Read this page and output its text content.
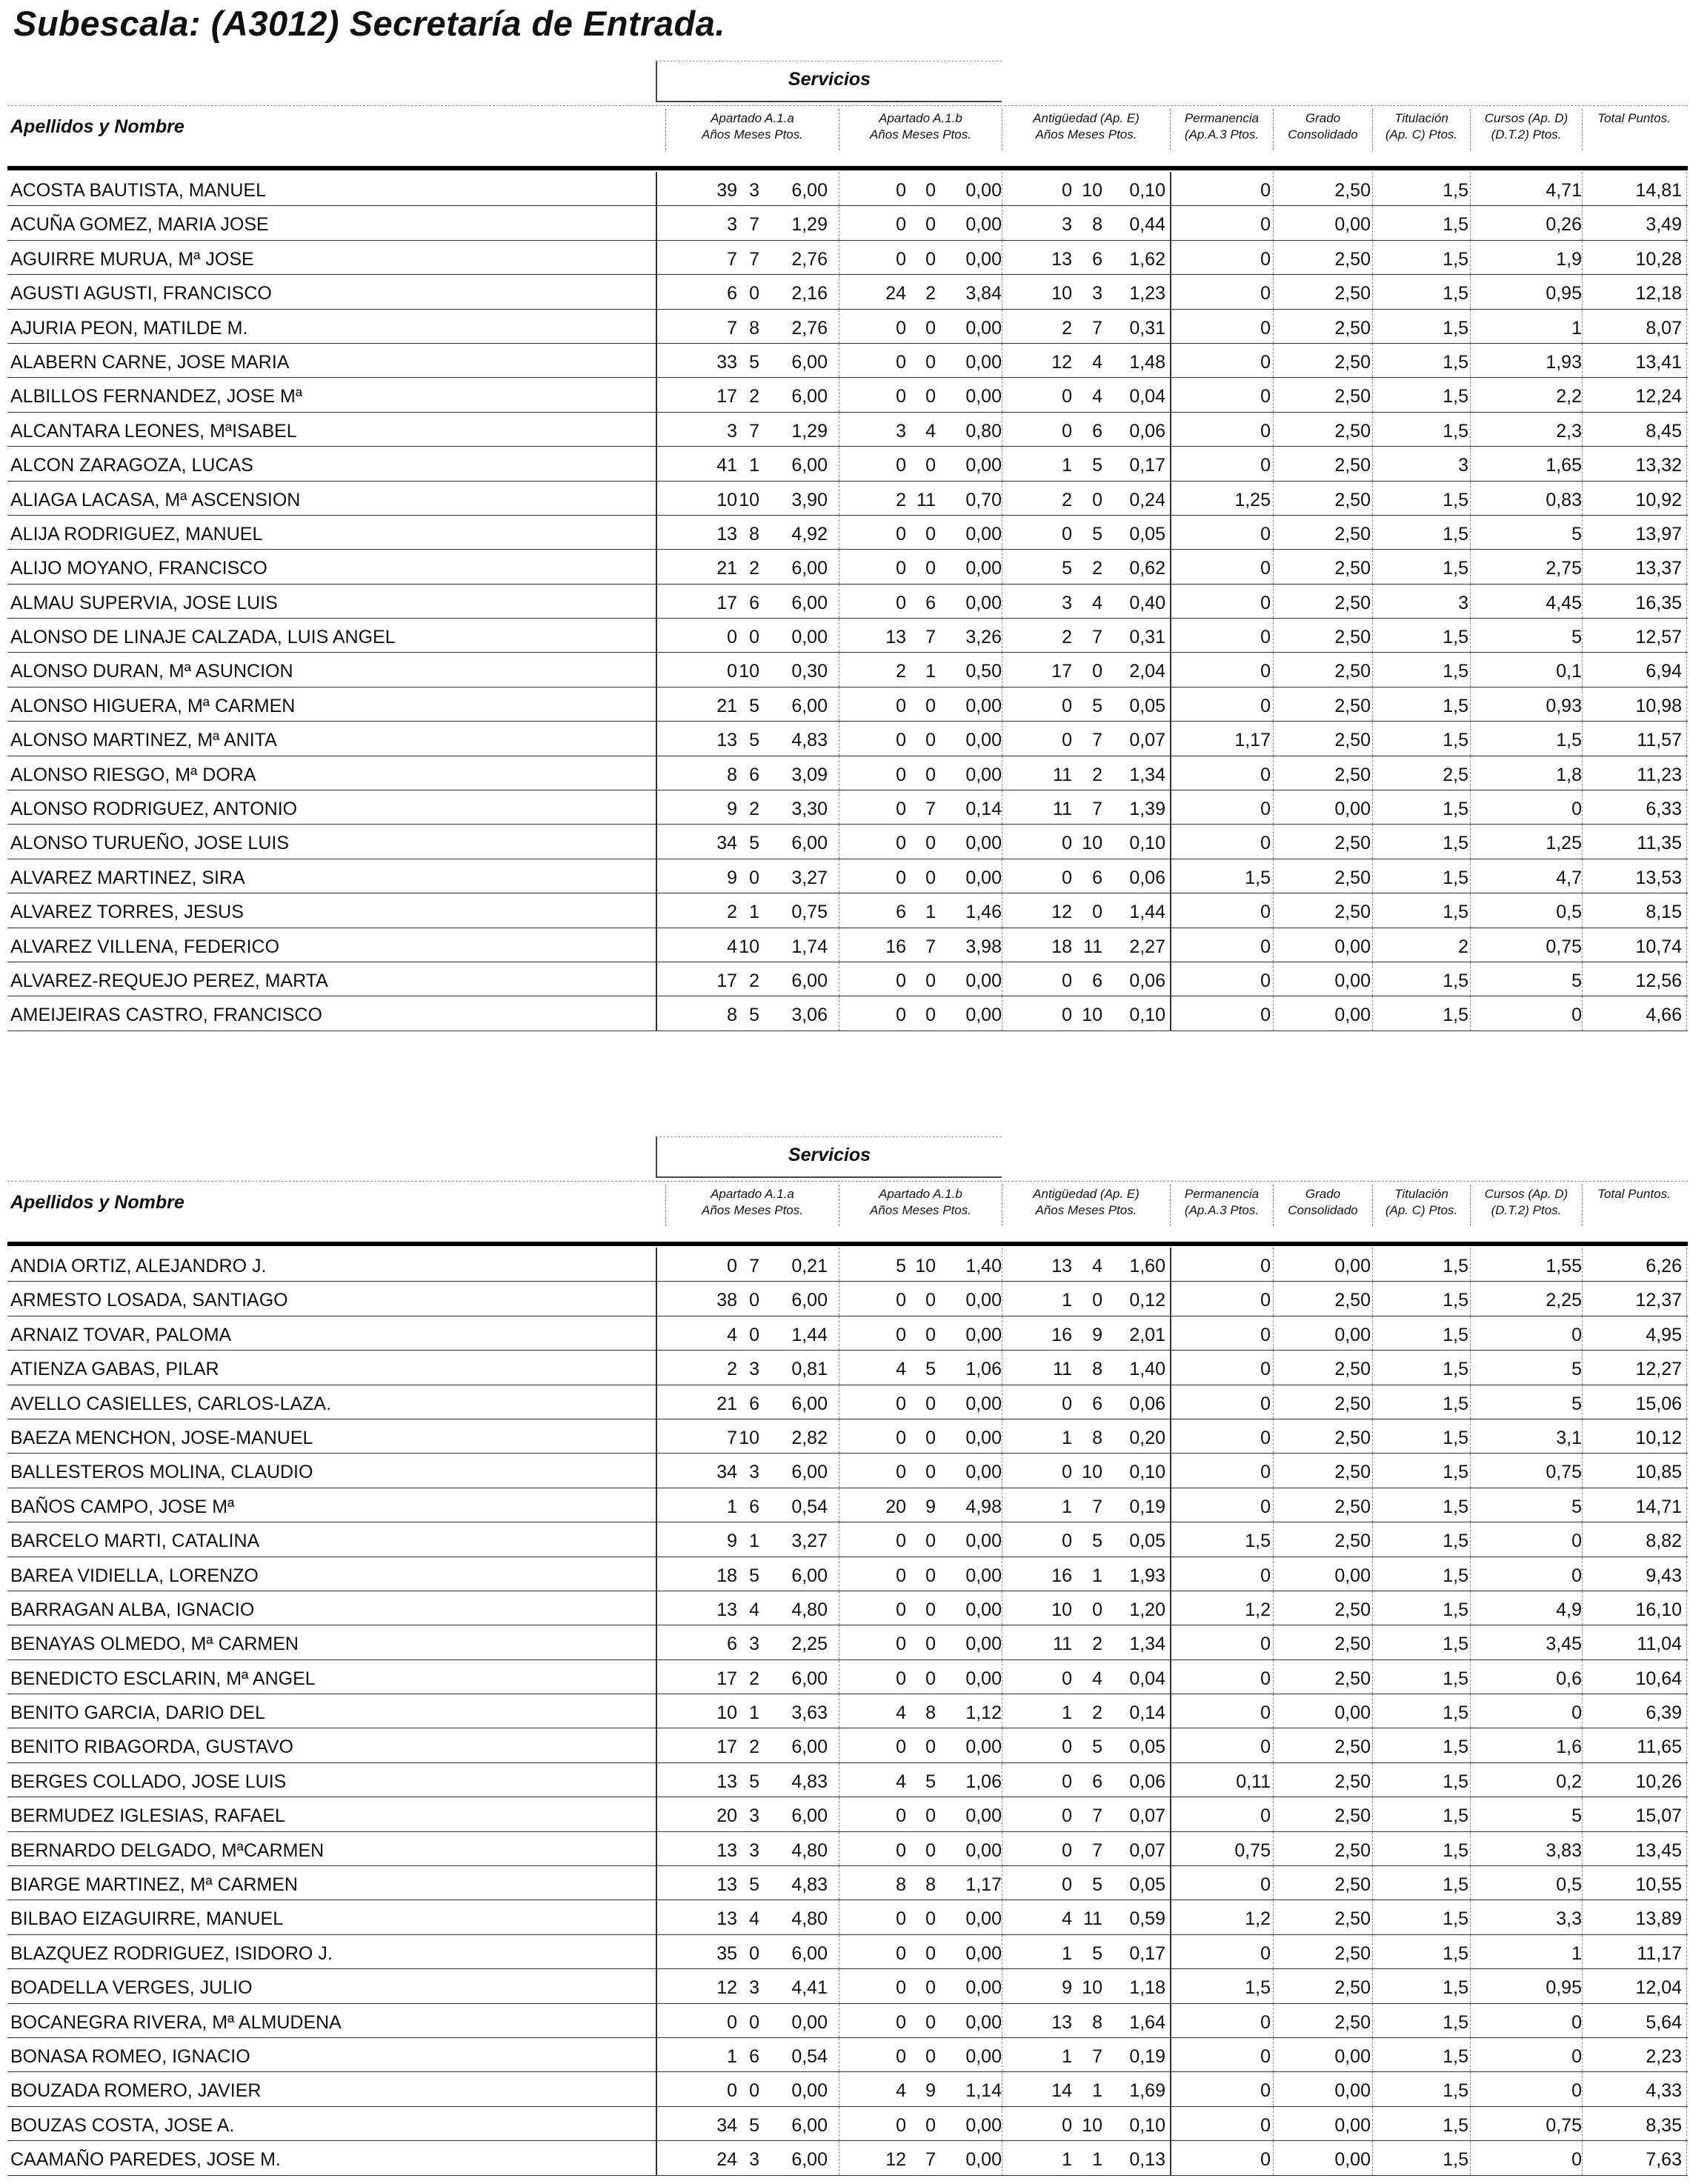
Subescala: (A3012) Secretaría de Entrada.
Servicios
Apellidos y Nombre	Apartado A.1.a
Años Meses Ptos.
Apartado A.1.b
Años Meses Ptos.
Antigüedad (Ap. E)
Años Meses Ptos.
Permanencia
(Ap.A.3 Ptos.
Grado
Consolidado
Titulación
(Ap. C) Ptos.
Cursos (Ap. D)
(D.T.2) Ptos.
Total Puntos.
ACOSTA BAUTISTA, MANUEL	39 3 6,00	0 0 0,00	0 10 0,10	0	2,50	1,5	4,71	14,81
ACUÑA GOMEZ, MARIA JOSE	3 7 1,29	0 0 0,00	3 8 0,44	0	0,00	1,5	0,26	3,49
AGUIRRE MURUA, Mª JOSE	7 7 2,76	0 0 0,00	13 6 1,62	0	2,50	1,5	1,9	10,28
AGUSTI AGUSTI, FRANCISCO	6 0 2,16	24 2 3,84	10 3 1,23	0	2,50	1,5	0,95	12,18
AJURIA PEON, MATILDE M.	7 8 2,76	0 0 0,00	2 7 0,31	0	2,50	1,5	1	8,07
ALABERN CARNE, JOSE MARIA	33 5 6,00	0 0 0,00	12 4 1,48	0	2,50	1,5	1,93	13,41
ALBILLOS FERNANDEZ, JOSE Mª	17 2 6,00	0 0 0,00	0 4 0,04	0	2,50	1,5	2,2	12,24
ALCANTARA LEONES, MªISABEL	3 7 1,29	3 4 0,80	0 6 0,06	0	2,50	1,5	2,3	8,45
ALCON ZARAGOZA, LUCAS	41 1 6,00	0 0 0,00	1 5 0,17	0	2,50	3	1,65	13,32
ALIAGA LACASA, Mª ASCENSION	10 10 3,90	2 11 0,70	2 0 0,24	1,25	2,50	1,5	0,83	10,92
ALIJA RODRIGUEZ, MANUEL	13 8 4,92	0 0 0,00	0 5 0,05	0	2,50	1,5	5	13,97
ALIJO MOYANO, FRANCISCO	21 2 6,00	0 0 0,00	5 2 0,62	0	2,50	1,5	2,75	13,37
ALMAU SUPERVIA, JOSE LUIS	17 6 6,00	0 6 0,00	3 4 0,40	0	2,50	3	4,45	16,35
ALONSO DE LINAJE CALZADA, LUIS ANGEL	0 0 0,00	13 7 3,26	2 7 0,31	0	2,50	1,5	5	12,57
ALONSO DURAN, Mª ASUNCION	0 10 0,30	2 1 0,50	17 0 2,04	0	2,50	1,5	0,1	6,94
ALONSO HIGUERA, Mª CARMEN	21 5 6,00	0 0 0,00	0 5 0,05	0	2,50	1,5	0,93	10,98
ALONSO MARTINEZ, Mª ANITA	13 5 4,83	0 0 0,00	0 7 0,07	1,17	2,50	1,5	1,5	11,57
ALONSO RIESGO, Mª DORA	8 6 3,09	0 0 0,00	11 2 1,34	0	2,50	2,5	1,8	11,23
ALONSO RODRIGUEZ, ANTONIO	9 2 3,30	0 7 0,14	11 7 1,39	0	0,00	1,5	0	6,33
ALONSO TURUEÑO, JOSE LUIS	34 5 6,00	0 0 0,00	0 10 0,10	0	2,50	1,5	1,25	11,35
ALVAREZ MARTINEZ, SIRA	9 0 3,27	0 0 0,00	0 6 0,06	1,5	2,50	1,5	4,7	13,53
ALVAREZ TORRES, JESUS	2 1 0,75	6 1 1,46	12 0 1,44	0	2,50	1,5	0,5	8,15
ALVAREZ VILLENA, FEDERICO	4 10 1,74	16 7 3,98	18 11 2,27	0	0,00	2	0,75	10,74
ALVAREZ-REQUEJO PEREZ, MARTA	17 2 6,00	0 0 0,00	0 6 0,06	0	0,00	1,5	5	12,56
AMEIJEIRAS CASTRO, FRANCISCO	8 5 3,06	0 0 0,00	0 10 0,10	0	0,00	1,5	0	4,66
Servicios
Apellidos y Nombre	Apartado A.1.a
Años Meses Ptos.
Apartado A.1.b
Años Meses Ptos.
Antigüedad (Ap. E)
Años Meses Ptos.
Permanencia
(Ap.A.3 Ptos.
Grado
Consolidado
Titulación
(Ap. C) Ptos.
Cursos (Ap. D)
(D.T.2) Ptos.
Total Puntos.
ANDIA ORTIZ, ALEJANDRO J.	0 7 0,21	5 10 1,40	13 4 1,60	0	0,00	1,5	1,55	6,26
ARMESTO LOSADA, SANTIAGO	38 0 6,00	0 0 0,00	1 0 0,12	0	2,50	1,5	2,25	12,37
ARNAIZ TOVAR, PALOMA	4 0 1,44	0 0 0,00	16 9 2,01	0	0,00	1,5	0	4,95
ATIENZA GABAS, PILAR	2 3 0,81	4 5 1,06	11 8 1,40	0	2,50	1,5	5	12,27
AVELLO CASIELLES, CARLOS-LAZA.	21 6 6,00	0 0 0,00	0 6 0,06	0	2,50	1,5	5	15,06
BAEZA MENCHON, JOSE-MANUEL	7 10 2,82	0 0 0,00	1 8 0,20	0	2,50	1,5	3,1	10,12
BALLESTEROS MOLINA, CLAUDIO	34 3 6,00	0 0 0,00	0 10 0,10	0	2,50	1,5	0,75	10,85
BAÑOS CAMPO, JOSE Mª	1 6 0,54	20 9 4,98	1 7 0,19	0	2,50	1,5	5	14,71
BARCELO MARTI, CATALINA	9 1 3,27	0 0 0,00	0 5 0,05	1,5	2,50	1,5	0	8,82
BAREA VIDIELLA, LORENZO	18 5 6,00	0 0 0,00	16 1 1,93	0	0,00	1,5	0	9,43
BARRAGAN ALBA, IGNACIO	13 4 4,80	0 0 0,00	10 0 1,20	1,2	2,50	1,5	4,9	16,10
BENAYAS OLMEDO, Mª CARMEN	6 3 2,25	0 0 0,00	11 2 1,34	0	2,50	1,5	3,45	11,04
BENEDICTO ESCLARIN, Mª ANGEL	17 2 6,00	0 0 0,00	0 4 0,04	0	2,50	1,5	0,6	10,64
BENITO GARCIA, DARIO DEL	10 1 3,63	4 8 1,12	1 2 0,14	0	0,00	1,5	0	6,39
BENITO RIBAGORDA, GUSTAVO	17 2 6,00	0 0 0,00	0 5 0,05	0	2,50	1,5	1,6	11,65
BERGES COLLADO, JOSE LUIS	13 5 4,83	4 5 1,06	0 6 0,06	0,11	2,50	1,5	0,2	10,26
BERMUDEZ IGLESIAS, RAFAEL	20 3 6,00	0 0 0,00	0 7 0,07	0	2,50	1,5	5	15,07
BERNARDO DELGADO, MªCARMEN	13 3 4,80	0 0 0,00	0 7 0,07	0,75	2,50	1,5	3,83	13,45
BIARGE MARTINEZ, Mª CARMEN	13 5 4,83	8 8 1,17	0 5 0,05	0	2,50	1,5	0,5	10,55
BILBAO EIZAGUIRRE, MANUEL	13 4 4,80	0 0 0,00	4 11 0,59	1,2	2,50	1,5	3,3	13,89
BLAZQUEZ RODRIGUEZ, ISIDORO J.	35 0 6,00	0 0 0,00	1 5 0,17	0	2,50	1,5	1	11,17
BOADELLA VERGES, JULIO	12 3 4,41	0 0 0,00	9 10 1,18	1,5	2,50	1,5	0,95	12,04
BOCANEGRA RIVERA, Mª ALMUDENA	0 0 0,00	0 0 0,00	13 8 1,64	0	2,50	1,5	0	5,64
BONASA ROMEO, IGNACIO	1 6 0,54	0 0 0,00	1 7 0,19	0	0,00	1,5	0	2,23
BOUZADA ROMERO, JAVIER	0 0 0,00	4 9 1,14	14 1 1,69	0	0,00	1,5	0	4,33
BOUZAS COSTA, JOSE A.	34 5 6,00	0 0 0,00	0 10 0,10	0	0,00	1,5	0,75	8,35
CAAMAÑO PAREDES, JOSE M.	24 3 6,00	12 7 0,00	1 1 0,13	0	0,00	1,5	0	7,63
